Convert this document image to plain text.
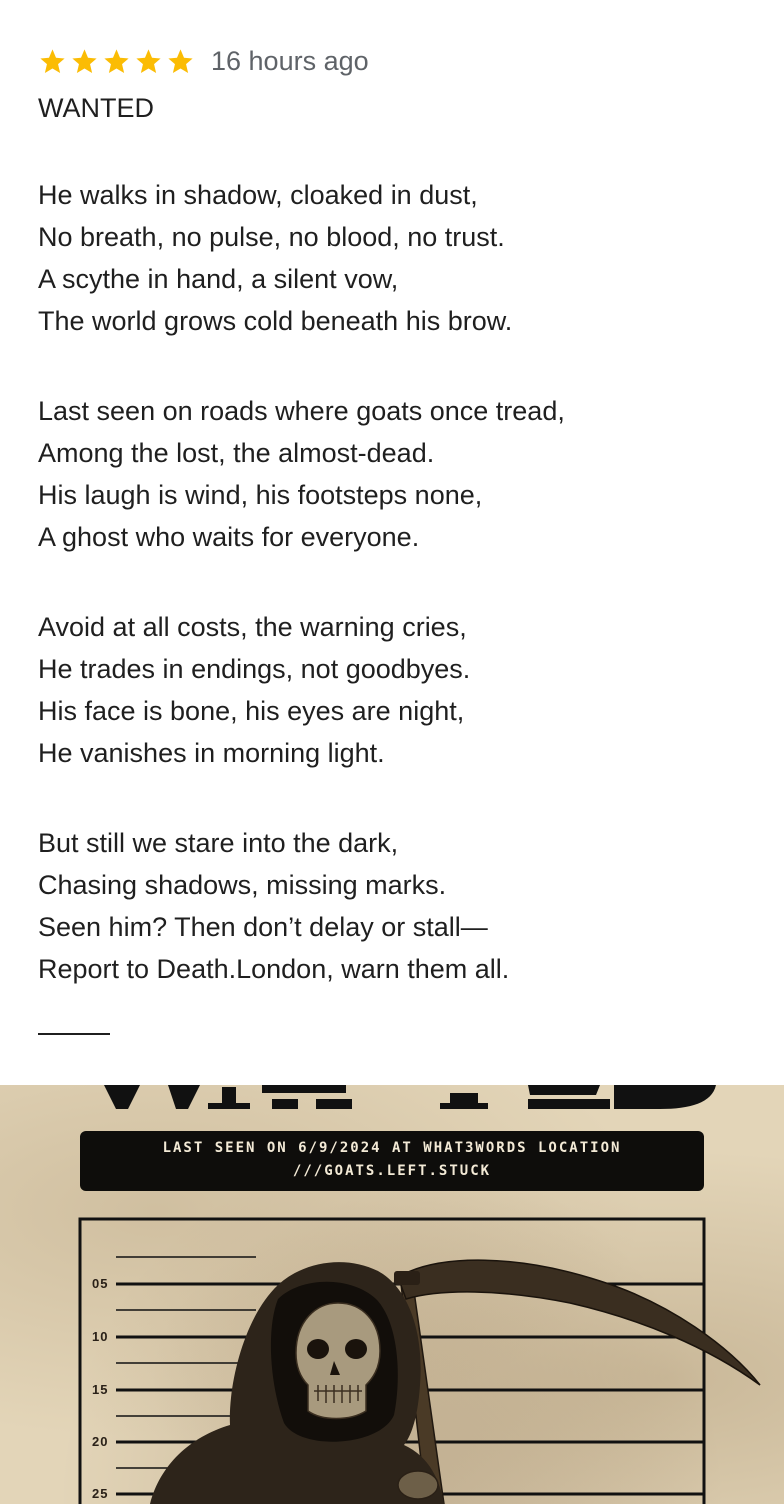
16 hours ago
WANTED
He walks in shadow, cloaked in dust,
No breath, no pulse, no blood, no trust.
A scythe in hand, a silent vow,
The world grows cold beneath his brow.
Last seen on roads where goats once tread,
Among the lost, the almost-dead.
His laugh is wind, his footsteps none,
A ghost who waits for everyone.
Avoid at all costs, the warning cries,
He trades in endings, not goodbyes.
His face is bone, his eyes are night,
He vanishes in morning light.
But still we stare into the dark,
Chasing shadows, missing marks.
Seen him? Then don’t delay or stall—
Report to Death.London, warn them all.
LAST SEEN ON 6/9/2024 AT WHAT3WORDS LOCATION
///GOATS.LEFT.STUCK
05
10
15
20
25
